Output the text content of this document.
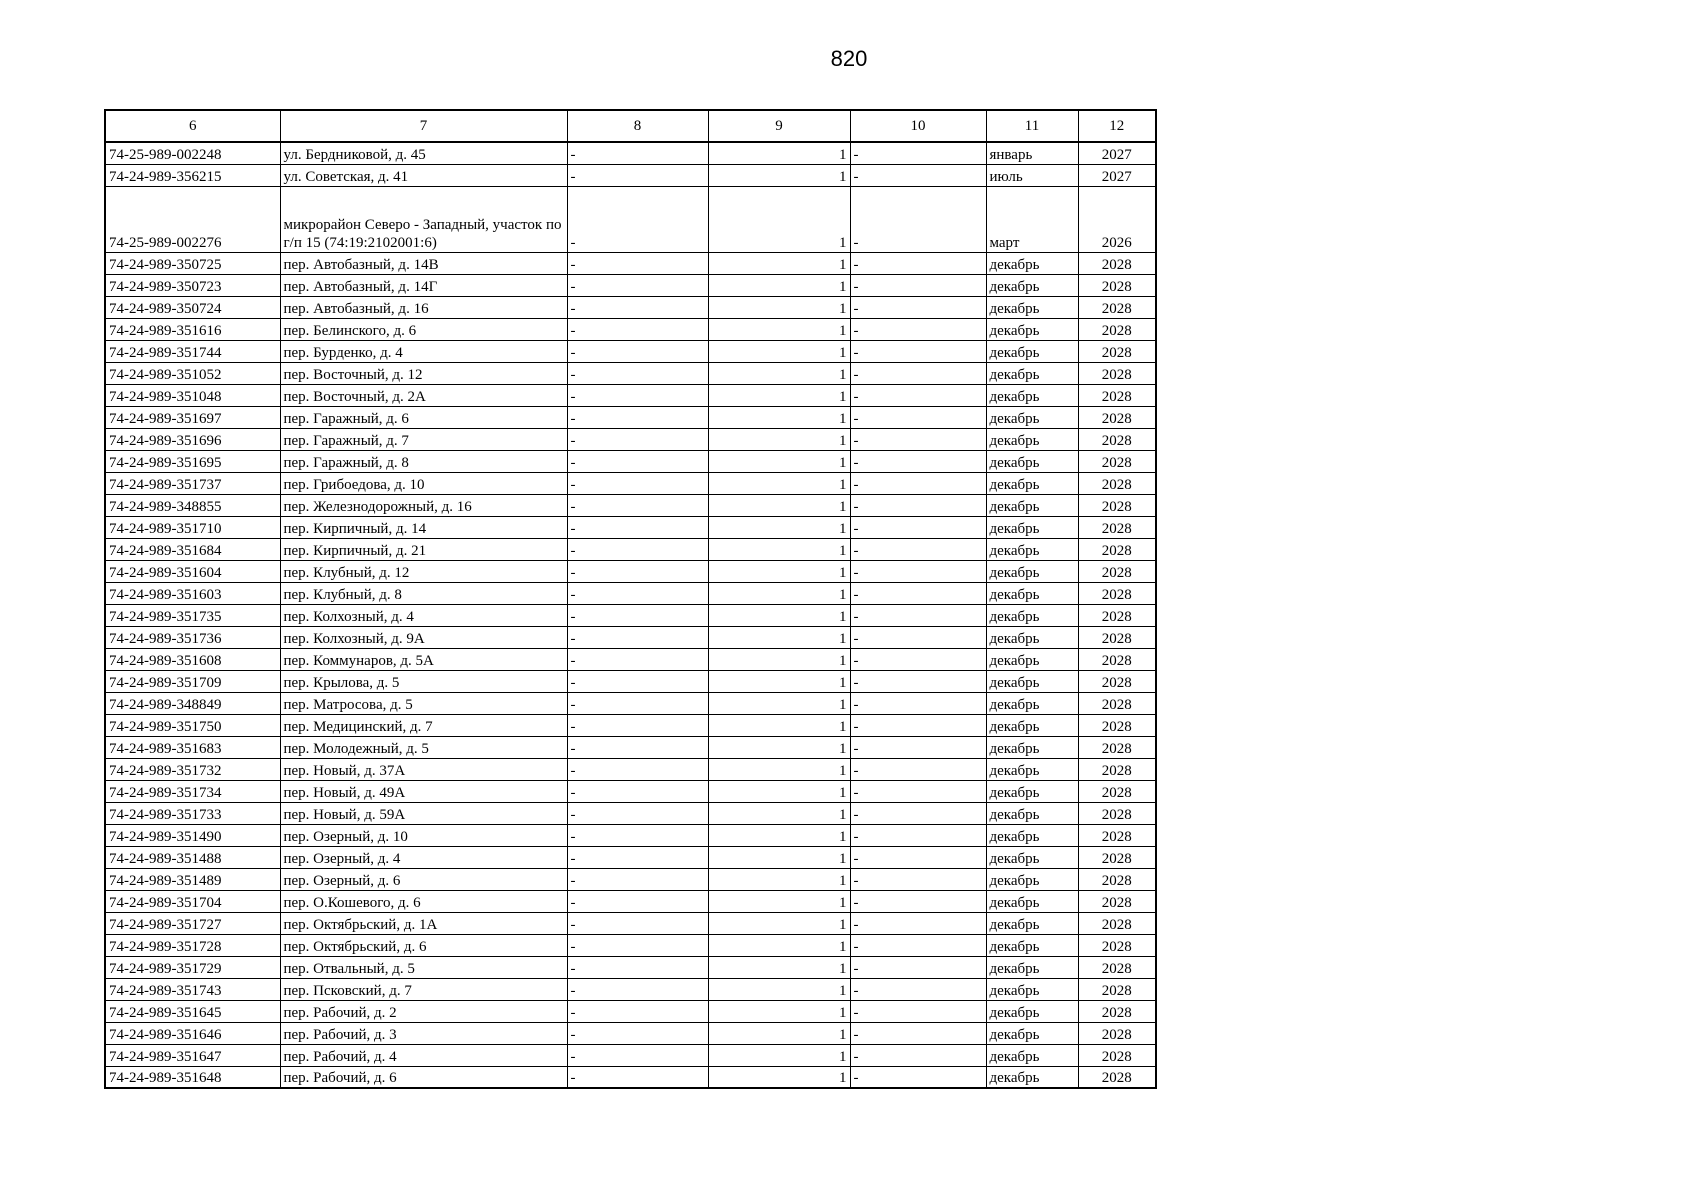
820
6	7	8	9	10	11	12
74-25-989-002248	ул. Бердниковой, д. 45	-	1	-	январь	2027
74-24-989-356215	ул. Советская, д. 41	-	1	-	июль	2027
74-25-989-002276	микрорайон Северо - Западный, участок по г/п 15 (74:19:2102001:6)	-	1	-	март	2026
74-24-989-350725	пер. Автобазный, д. 14В	-	1	-	декабрь	2028
74-24-989-350723	пер. Автобазный, д. 14Г	-	1	-	декабрь	2028
74-24-989-350724	пер. Автобазный, д. 16	-	1	-	декабрь	2028
74-24-989-351616	пер. Белинского, д. 6	-	1	-	декабрь	2028
74-24-989-351744	пер. Бурденко, д. 4	-	1	-	декабрь	2028
74-24-989-351052	пер. Восточный, д. 12	-	1	-	декабрь	2028
74-24-989-351048	пер. Восточный, д. 2А	-	1	-	декабрь	2028
74-24-989-351697	пер. Гаражный, д. 6	-	1	-	декабрь	2028
74-24-989-351696	пер. Гаражный, д. 7	-	1	-	декабрь	2028
74-24-989-351695	пер. Гаражный, д. 8	-	1	-	декабрь	2028
74-24-989-351737	пер. Грибоедова, д. 10	-	1	-	декабрь	2028
74-24-989-348855	пер. Железнодорожный, д. 16	-	1	-	декабрь	2028
74-24-989-351710	пер. Кирпичный, д. 14	-	1	-	декабрь	2028
74-24-989-351684	пер. Кирпичный, д. 21	-	1	-	декабрь	2028
74-24-989-351604	пер. Клубный, д. 12	-	1	-	декабрь	2028
74-24-989-351603	пер. Клубный, д. 8	-	1	-	декабрь	2028
74-24-989-351735	пер. Колхозный, д. 4	-	1	-	декабрь	2028
74-24-989-351736	пер. Колхозный, д. 9А	-	1	-	декабрь	2028
74-24-989-351608	пер. Коммунаров, д. 5А	-	1	-	декабрь	2028
74-24-989-351709	пер. Крылова, д. 5	-	1	-	декабрь	2028
74-24-989-348849	пер. Матросова, д. 5	-	1	-	декабрь	2028
74-24-989-351750	пер. Медицинский, д. 7	-	1	-	декабрь	2028
74-24-989-351683	пер. Молодежный, д. 5	-	1	-	декабрь	2028
74-24-989-351732	пер. Новый, д. 37А	-	1	-	декабрь	2028
74-24-989-351734	пер. Новый, д. 49А	-	1	-	декабрь	2028
74-24-989-351733	пер. Новый, д. 59А	-	1	-	декабрь	2028
74-24-989-351490	пер. Озерный, д. 10	-	1	-	декабрь	2028
74-24-989-351488	пер. Озерный, д. 4	-	1	-	декабрь	2028
74-24-989-351489	пер. Озерный, д. 6	-	1	-	декабрь	2028
74-24-989-351704	пер. О.Кошевого, д. 6	-	1	-	декабрь	2028
74-24-989-351727	пер. Октябрьский, д. 1А	-	1	-	декабрь	2028
74-24-989-351728	пер. Октябрьский, д. 6	-	1	-	декабрь	2028
74-24-989-351729	пер. Отвальный, д. 5	-	1	-	декабрь	2028
74-24-989-351743	пер. Псковский, д. 7	-	1	-	декабрь	2028
74-24-989-351645	пер. Рабочий, д. 2	-	1	-	декабрь	2028
74-24-989-351646	пер. Рабочий, д. 3	-	1	-	декабрь	2028
74-24-989-351647	пер. Рабочий, д. 4	-	1	-	декабрь	2028
74-24-989-351648	пер. Рабочий, д. 6	-	1	-	декабрь	2028
